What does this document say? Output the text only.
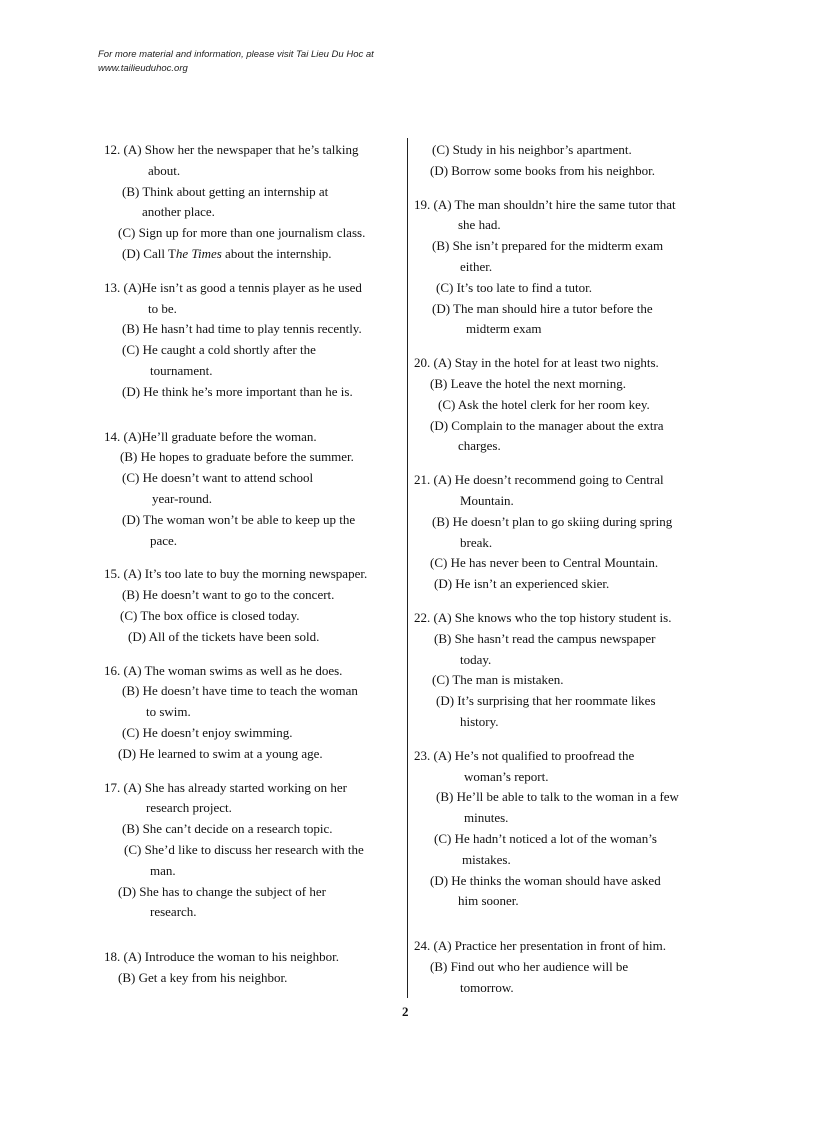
For more material and information, please visit Tai Lieu Du Hoc at
www.tailieuduhoc.org
12. (A) Show her the newspaper that he’s talking
about.
(B) Think about getting an internship at
another place.
(C) Sign up for more than one journalism class.
(D) Call The Times about the internship.
13. (A)He isn’t as good a tennis player as he used
to be.
(B) He hasn’t had time to play tennis recently.
(C) He caught a cold shortly after the
tournament.
(D) He think he’s more important than he is.
14. (A)He’ll graduate before the woman.
(B) He hopes to graduate before the summer.
(C) He doesn’t want to attend school
year-round.
(D) The woman won’t be able to keep up the
pace.
15. (A) It’s too late to buy the morning newspaper.
(B) He doesn’t want to go to the concert.
(C) The box office is closed today.
(D) All of the tickets have been sold.
16. (A) The woman swims as well as he does.
(B) He doesn’t have time to teach the woman
to swim.
(C) He doesn’t enjoy swimming.
(D) He learned to swim at a young age.
17. (A) She has already started working on her
research project.
(B) She can’t decide on a research topic.
(C) She’d like to discuss her research with the
man.
(D) She has to change the subject of her
research.
18. (A) Introduce the woman to his neighbor.
(B) Get a key from his neighbor.
(C) Study in his neighbor’s apartment.
(D) Borrow some books from his neighbor.
19. (A) The man shouldn’t hire the same tutor that
she had.
(B) She isn’t prepared for the midterm exam
either.
(C) It’s too late to find a tutor.
(D) The man should hire a tutor before the
midterm exam
20. (A) Stay in the hotel for at least two nights.
(B) Leave the hotel the next morning.
(C) Ask the hotel clerk for her room key.
(D) Complain to the manager about the extra
charges.
21. (A) He doesn’t recommend going to Central
Mountain.
(B) He doesn’t plan to go skiing during spring
break.
(C) He has never been to Central Mountain.
(D) He isn’t an experienced skier.
22. (A) She knows who the top history student is.
(B) She hasn’t read the campus newspaper
today.
(C) The man is mistaken.
(D) It’s surprising that her roommate likes
history.
23. (A) He’s not qualified to proofread the
woman’s report.
(B) He’ll be able to talk to the woman in a few
minutes.
(C) He hadn’t noticed a lot of the woman’s
mistakes.
(D) He thinks the woman should have asked
him sooner.
24. (A) Practice her presentation in front of him.
(B) Find out who her audience will be
tomorrow.
2
